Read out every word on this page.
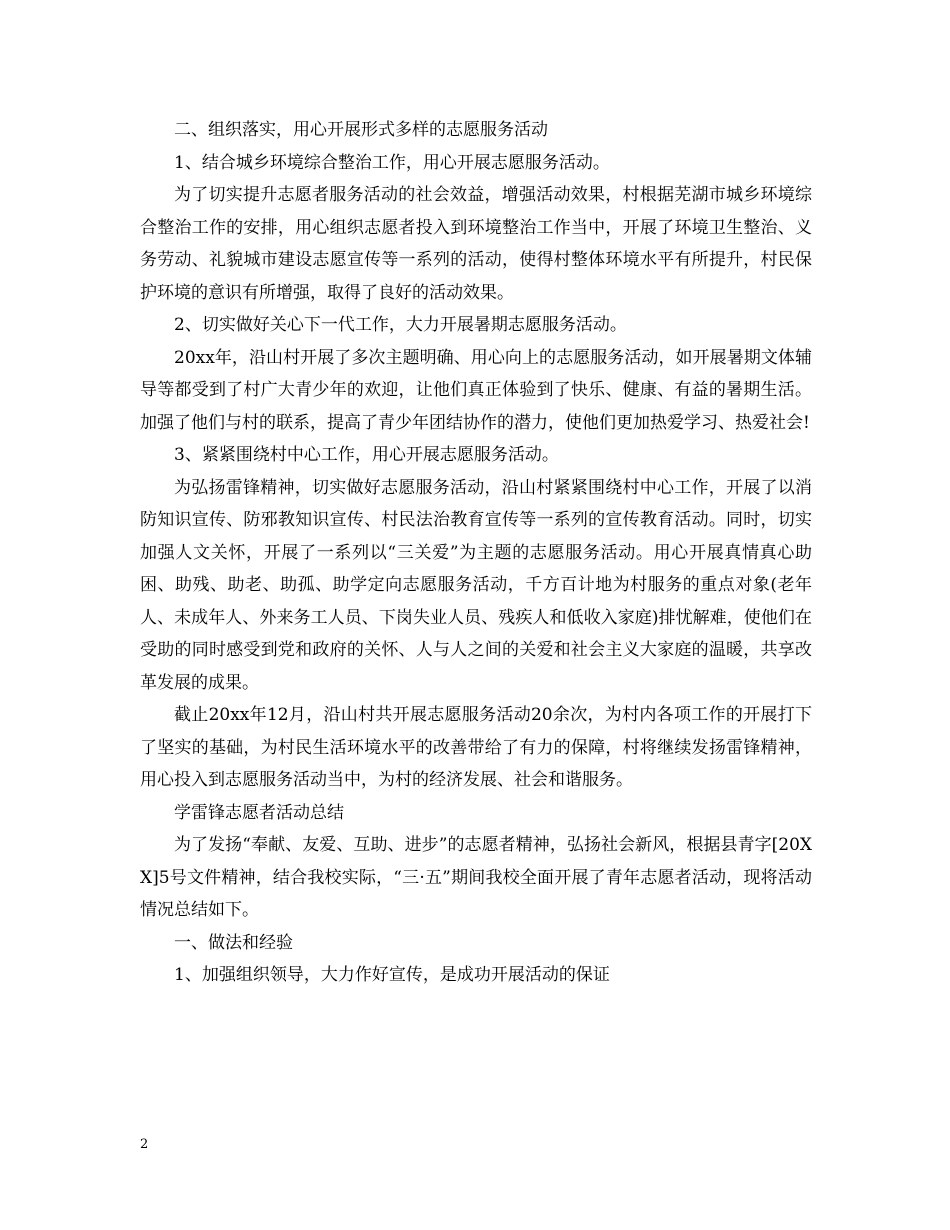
二、组织落实，用心开展形式多样的志愿服务活动

1、结合城乡环境综合整治工作，用心开展志愿服务活动。

为了切实提升志愿者服务活动的社会效益，增强活动效果，村根据芜湖市城乡环境综合整治工作的安排，用心组织志愿者投入到环境整治工作当中，开展了环境卫生整治、义务劳动、礼貌城市建设志愿宣传等一系列的活动，使得村整体环境水平有所提升，村民保护环境的意识有所增强，取得了良好的活动效果。

2、切实做好关心下一代工作，大力开展暑期志愿服务活动。

20xx年，沿山村开展了多次主题明确、用心向上的志愿服务活动，如开展暑期文体辅导等都受到了村广大青少年的欢迎，让他们真正体验到了快乐、健康、有益的暑期生活。加强了他们与村的联系，提高了青少年团结协作的潜力，使他们更加热爱学习、热爱社会!

3、紧紧围绕村中心工作，用心开展志愿服务活动。

为弘扬雷锋精神，切实做好志愿服务活动，沿山村紧紧围绕村中心工作，开展了以消防知识宣传、防邪教知识宣传、村民法治教育宣传等一系列的宣传教育活动。同时，切实加强人文关怀，开展了一系列以“三关爱”为主题的志愿服务活动。用心开展真情真心助困、助残、助老、助孤、助学定向志愿服务活动，千方百计地为村服务的重点对象(老年人、未成年人、外来务工人员、下岗失业人员、残疾人和低收入家庭)排忧解难，使他们在受助的同时感受到党和政府的关怀、人与人之间的关爱和社会主义大家庭的温暖，共享改革发展的成果。

截止20xx年12月，沿山村共开展志愿服务活动20余次，为村内各项工作的开展打下了坚实的基础，为村民生活环境水平的改善带给了有力的保障，村将继续发扬雷锋精神，用心投入到志愿服务活动当中，为村的经济发展、社会和谐服务。

学雷锋志愿者活动总结

为了发扬“奉献、友爱、互助、进步”的志愿者精神，弘扬社会新风，根据县青字[20XX]5号文件精神，结合我校实际，“三·五”期间我校全面开展了青年志愿者活动，现将活动情况总结如下。

一、做法和经验

1、加强组织领导，大力作好宣传，是成功开展活动的保证

2
